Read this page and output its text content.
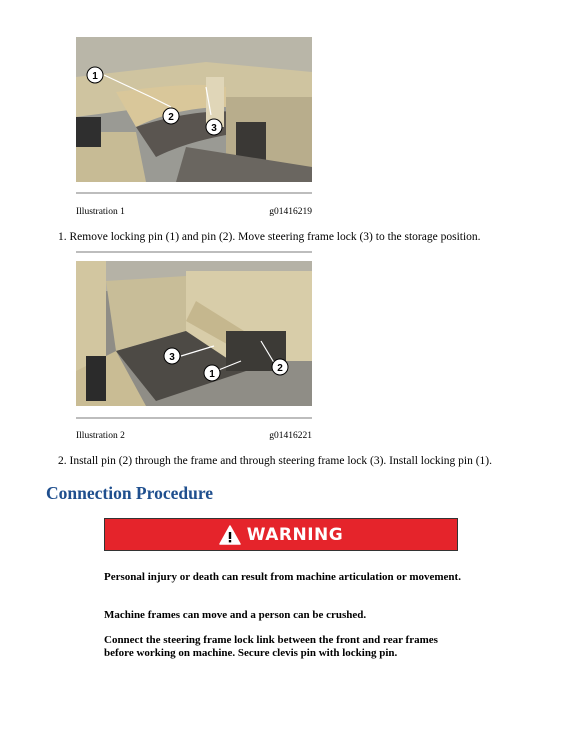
1
2
3
Illustration 1	g01416219
1. Remove locking pin (1) and pin (2). Move steering frame lock (3) to the storage position.
3
1
2
Illustration 2	g01416221
2. Install pin (2) through the frame and through steering frame lock (3). Install locking pin (1).
Connection Procedure
WARNING
Personal injury or death can result from machine articulation or movement.
Machine frames can move and a person can be crushed.
Connect the steering frame lock link between the front and rear frames before working on machine. Secure clevis pin with locking pin.
